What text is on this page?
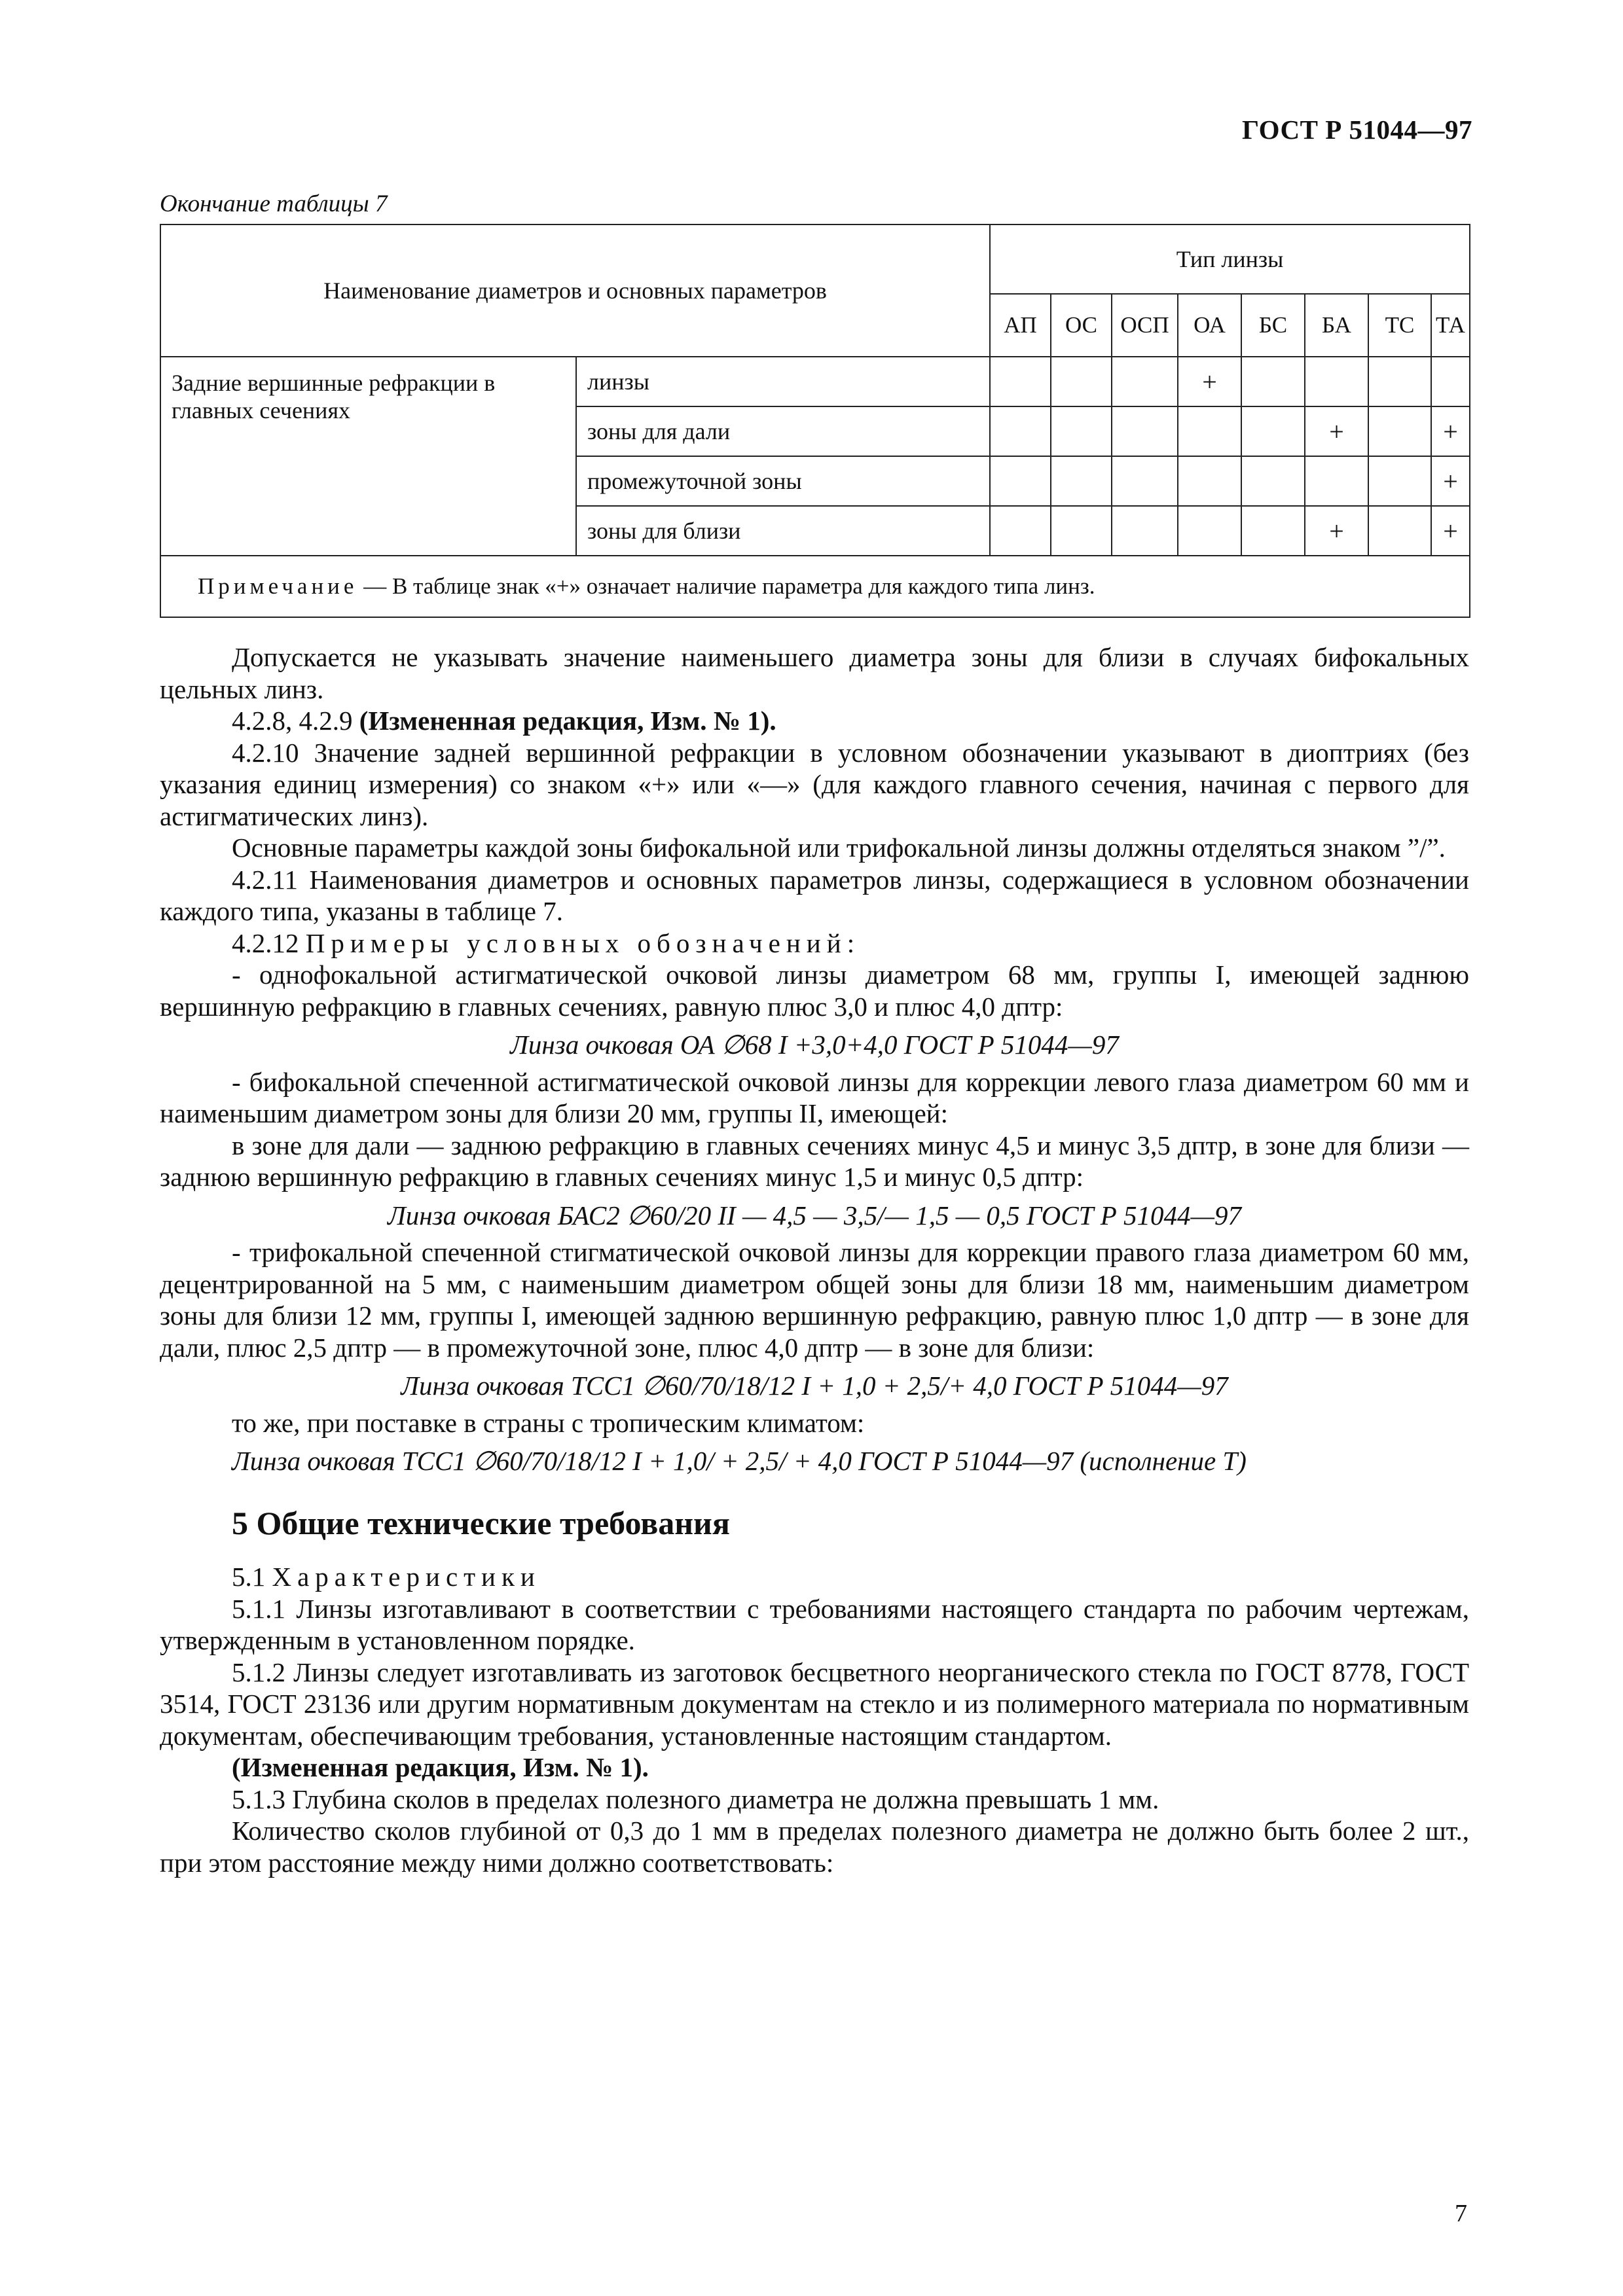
ГОСТ Р 51044—97
Окончание таблицы 7
Наименование диаметров и основных параметров		Тип линзы							
		АП	ОС	ОСП	ОА	БС	БА	ТС	ТА
Задние вершинные рефракции в главных сечениях	линзы				+				
	зоны для дали						+		+
	промежуточной зоны								+
	зоны для близи						+		+
Примечание — В таблице знак «+» означает наличие параметра для каждого типа линз.									

Допускается не указывать значение наименьшего диаметра зоны для близи в случаях бифокальных цельных линз.

4.2.8, 4.2.9 (Измененная редакция, Изм. № 1).

4.2.10 Значение задней вершинной рефракции в условном обозначении указывают в диоптриях (без указания единиц измерения) со знаком «+» или «—» (для каждого главного сечения, начиная с первого для астигматических линз).

Основные параметры каждой зоны бифокальной или трифокальной линзы должны отделяться знаком ”/”.

4.2.11 Наименования диаметров и основных параметров линзы, содержащиеся в условном обозначении каждого типа, указаны в таблице 7.

4.2.12 Примеры условных обозначений:

- однофокальной астигматической очковой линзы диаметром 68 мм, группы I, имеющей заднюю вершинную рефракцию в главных сечениях, равную плюс 3,0 и плюс 4,0 дптр:

Линза очковая ОА ∅68 I +3,0+4,0 ГОСТ Р 51044—97

- бифокальной спеченной астигматической очковой линзы для коррекции левого глаза диаметром 60 мм и наименьшим диаметром зоны для близи 20 мм, группы II, имеющей:

в зоне для дали — заднюю рефракцию в главных сечениях минус 4,5 и минус 3,5 дптр, в зоне для близи — заднюю вершинную рефракцию в главных сечениях минус 1,5 и минус 0,5 дптр:

Линза очковая БАС2 ∅60/20 II — 4,5 — 3,5/— 1,5 — 0,5 ГОСТ Р 51044—97

- трифокальной спеченной стигматической очковой линзы для коррекции правого глаза диаметром 60 мм, децентрированной на 5 мм, с наименьшим диаметром общей зоны для близи 18 мм, наименьшим диаметром зоны для близи 12 мм, группы I, имеющей заднюю вершинную рефракцию, равную плюс 1,0 дптр — в зоне для дали, плюс 2,5 дптр — в промежуточной зоне, плюс 4,0 дптр — в зоне для близи:

Линза очковая ТСС1 ∅60/70/18/12 I + 1,0 + 2,5/+ 4,0 ГОСТ Р 51044—97

то же, при поставке в страны с тропическим климатом:

Линза очковая ТСС1 ∅60/70/18/12 I + 1,0/ + 2,5/ + 4,0 ГОСТ Р 51044—97 (исполнение Т)

5 Общие технические требования

5.1 Характеристики

5.1.1 Линзы изготавливают в соответствии с требованиями настоящего стандарта по рабочим чертежам, утвержденным в установленном порядке.

5.1.2 Линзы следует изготавливать из заготовок бесцветного неорганического стекла по ГОСТ 8778, ГОСТ 3514, ГОСТ 23136 или другим нормативным документам на стекло и из полимерного материала по нормативным документам, обеспечивающим требования, установленные настоящим стандартом.

(Измененная редакция, Изм. № 1).

5.1.3 Глубина сколов в пределах полезного диаметра не должна превышать 1 мм.

Количество сколов глубиной от 0,3 до 1 мм в пределах полезного диаметра не должно быть более 2 шт., при этом расстояние между ними должно соответствовать:

7
